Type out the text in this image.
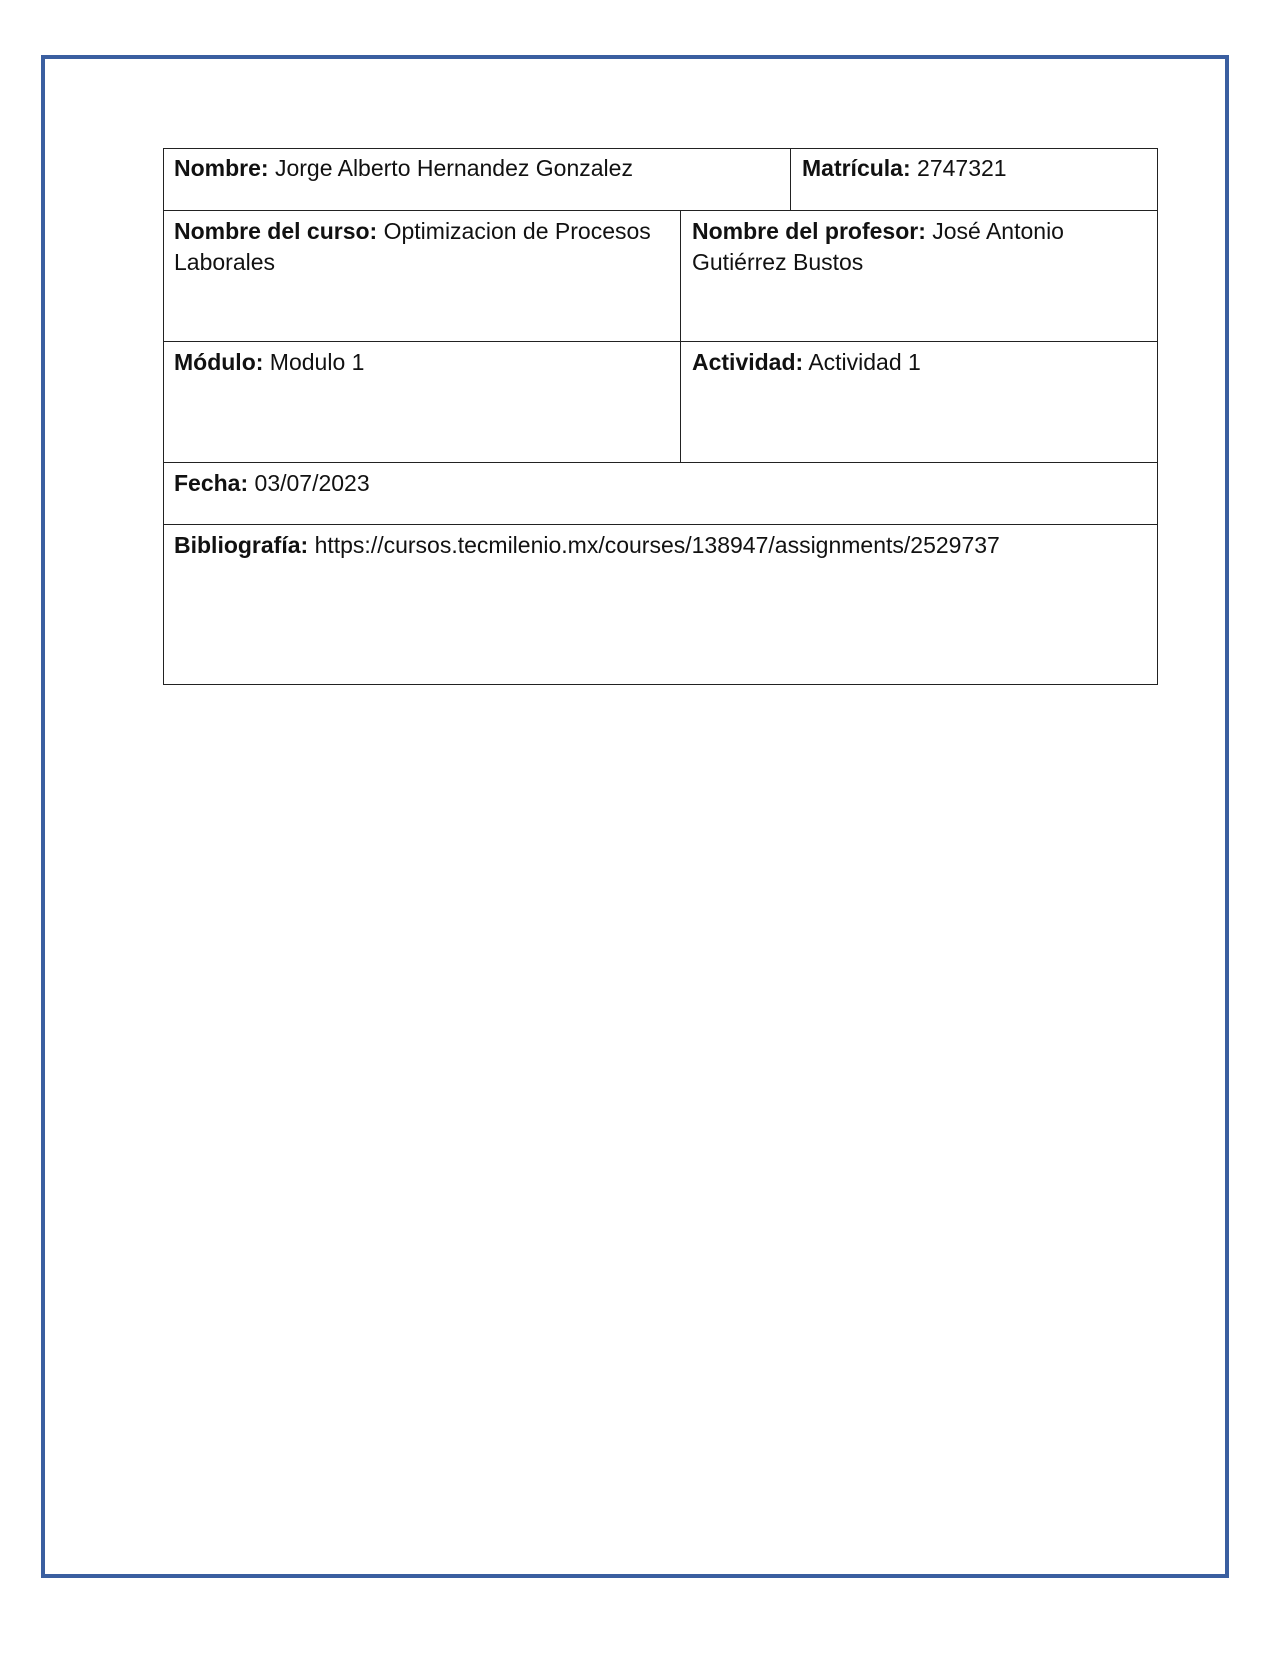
Nombre: Jorge Alberto Hernandez Gonzalez	Matrícula: 2747321
Nombre del curso: Optimizacion de Procesos Laborales
Nombre del profesor: José Antonio Gutiérrez Bustos
Módulo: Modulo 1	Actividad: Actividad 1
Fecha: 03/07/2023
Bibliografía: https://cursos.tecmilenio.mx/courses/138947/assignments/2529737
